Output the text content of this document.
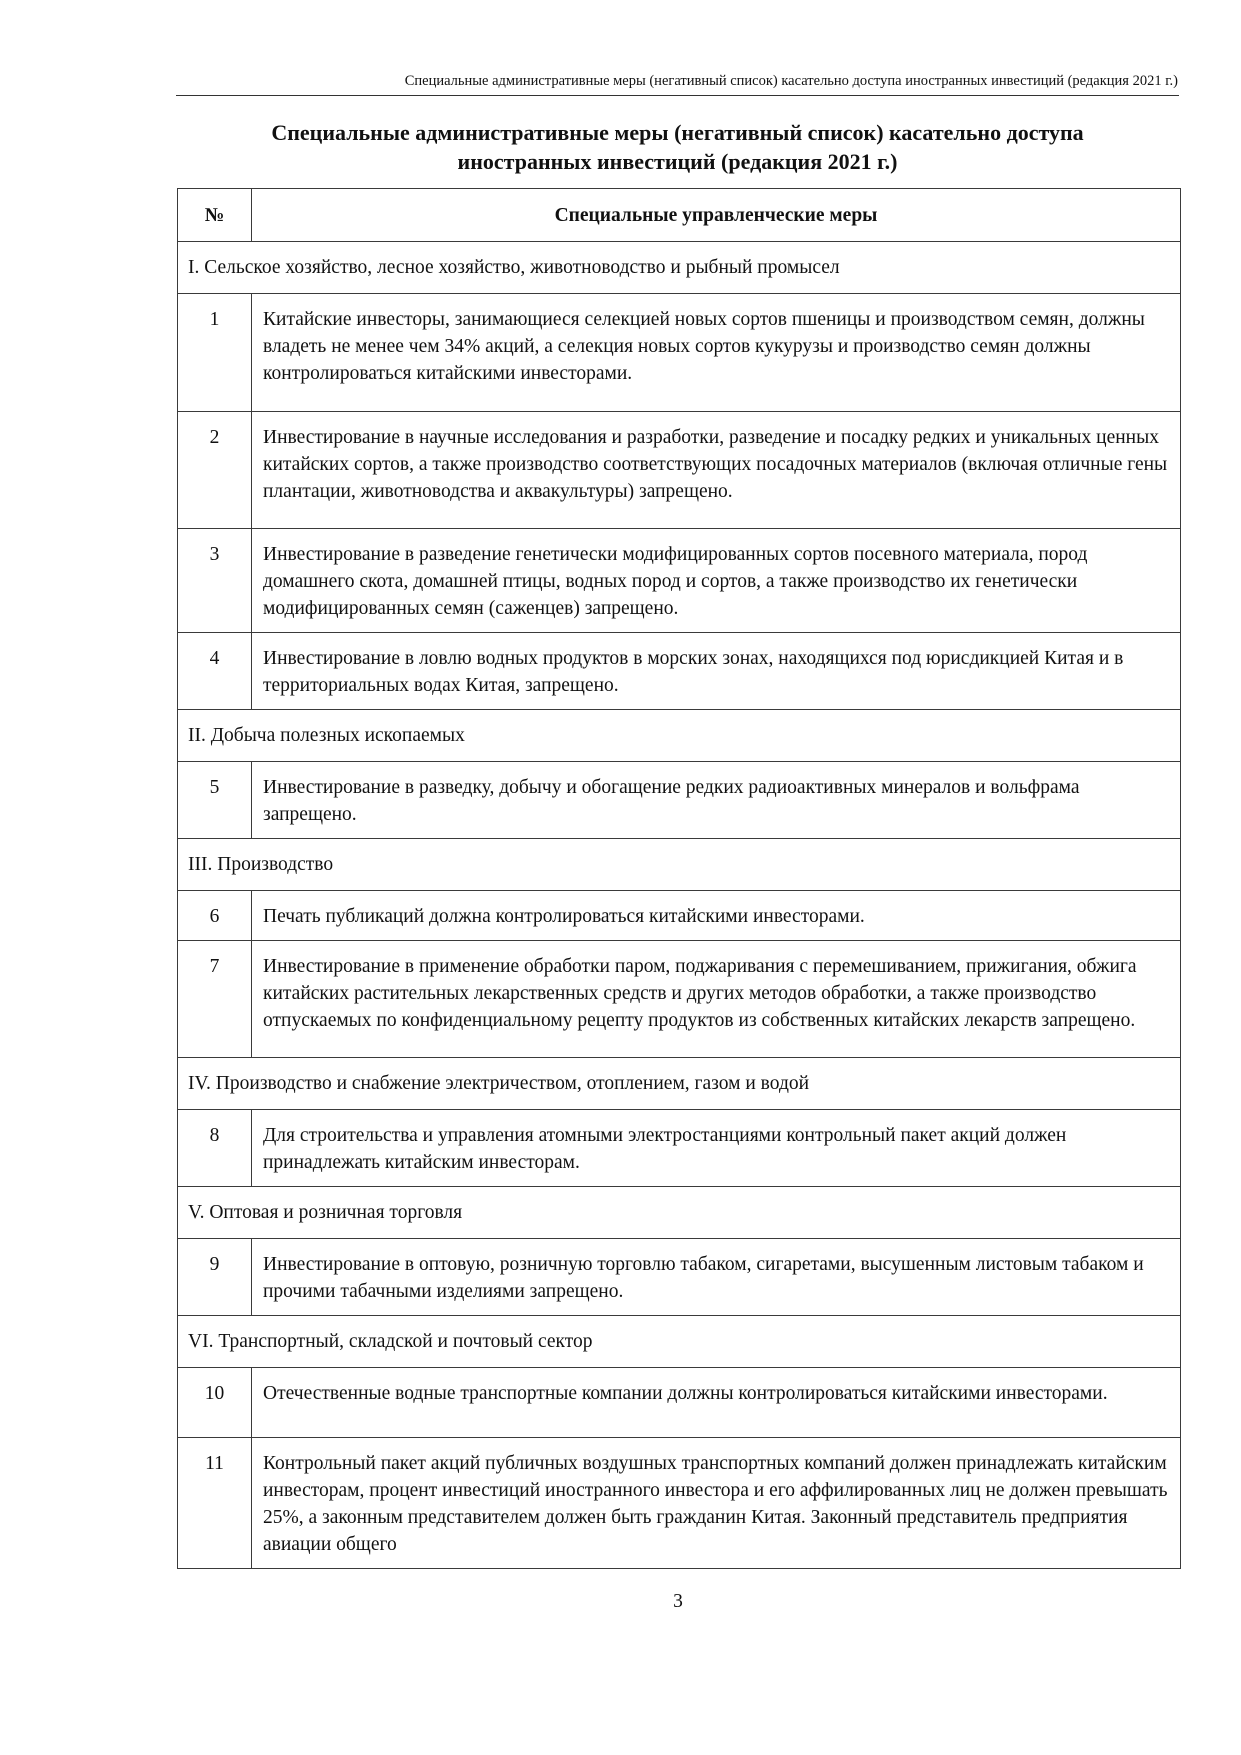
Специальные административные меры (негативный список) касательно доступа иностранных инвестиций (редакция 2021 г.)
Специальные административные меры (негативный список) касательно доступа
иностранных инвестиций (редакция 2021 г.)
№	Специальные управленческие меры
I. Сельское хозяйство, лесное хозяйство, животноводство и рыбный промысел	
1	Китайские инвесторы, занимающиеся селекцией новых сортов пшеницы и производством семян, должны владеть не менее чем 34% акций, а селекция новых сортов кукурузы и производство семян должны контролироваться китайскими инвесторами.
2	Инвестирование в научные исследования и разработки, разведение и посадку редких и уникальных ценных китайских сортов, а также производство соответствующих посадочных материалов (включая отличные гены плантации, животноводства и аквакультуры) запрещено.
3	Инвестирование в разведение генетически модифицированных сортов посевного материала, пород домашнего скота, домашней птицы, водных пород и сортов, а также производство их генетически модифицированных семян (саженцев) запрещено.
4	Инвестирование в ловлю водных продуктов в морских зонах, находящихся под юрисдикцией Китая и в территориальных водах Китая, запрещено.
II. Добыча полезных ископаемых	
5	Инвестирование в разведку, добычу и обогащение редких радиоактивных минералов и вольфрама запрещено.
III. Производство	
6	Печать публикаций должна контролироваться китайскими инвесторами.
7	Инвестирование в применение обработки паром, поджаривания с перемешиванием, прижигания, обжига китайских растительных лекарственных средств и других методов обработки, а также производство отпускаемых по конфиденциальному рецепту продуктов из собственных китайских лекарств запрещено.
IV. Производство и снабжение электричеством, отоплением, газом и водой	
8	Для строительства и управления атомными электростанциями контрольный пакет акций должен принадлежать китайским инвесторам.
V. Оптовая и розничная торговля	
9	Инвестирование в оптовую, розничную торговлю табаком, сигаретами, высушенным листовым табаком и прочими табачными изделиями запрещено.
VI. Транспортный, складской и почтовый сектор	
10	Отечественные водные транспортные компании должны контролироваться китайскими инвесторами.
11	Контрольный пакет акций публичных воздушных транспортных компаний должен принадлежать китайским инвесторам, процент инвестиций иностранного инвестора и его аффилированных лиц не должен превышать 25%, а законным представителем должен быть гражданин Китая. Законный представитель предприятия авиации общего
3
